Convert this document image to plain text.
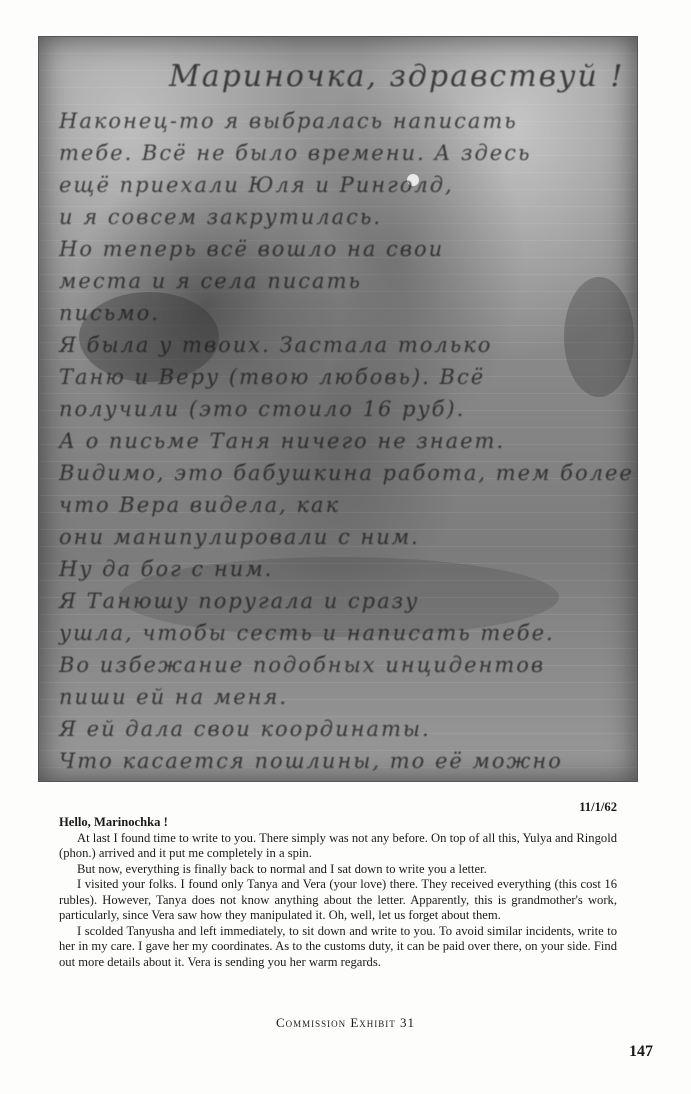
Маринoчка, здравствуй !
Наконец-то я выбралась написать
тебе. Всё не было времени. А здесь
ещё приехали Юля и Ринголд,
и я совсем закрутилась.
Но теперь всё вошло на свои
места и я села писать
письмо.
Я была у твоих. Застала только
Таню и Веру (твою любовь). Всё
получили (это стоило 16 руб).
А о письме Таня ничего не знает.
Видимо, это бабушкина работа, тем более
что Вера видела, как
они манипулировали с ним.
Ну да бог с ним.
Я Танюшу поругала и сразу
ушла, чтобы сесть и написать тебе.
Во избежание подобных инцидентов
пиши ей на меня.
Я ей дала свои координаты.
Что касается пошлины, то её можно
11/1/62

Hello, Marinochka !

At last I found time to write to you. There simply was not any before. On top of all this, Yulya and Ringold (phon.) arrived and it put me completely in a spin.

But now, everything is finally back to normal and I sat down to write you a letter.

I visited your folks. I found only Tanya and Vera (your love) there. They received everything (this cost 16 rubles). However, Tanya does not know anything about the letter. Apparently, this is grandmother's work, particularly, since Vera saw how they manipulated it. Oh, well, let us forget about them.

I scolded Tanyusha and left immediately, to sit down and write to you. To avoid similar incidents, write to her in my care. I gave her my coordinates. As to the customs duty, it can be paid over there, on your side. Find out more details about it. Vera is sending you her warm regards.

Commission Exhibit 31
147
